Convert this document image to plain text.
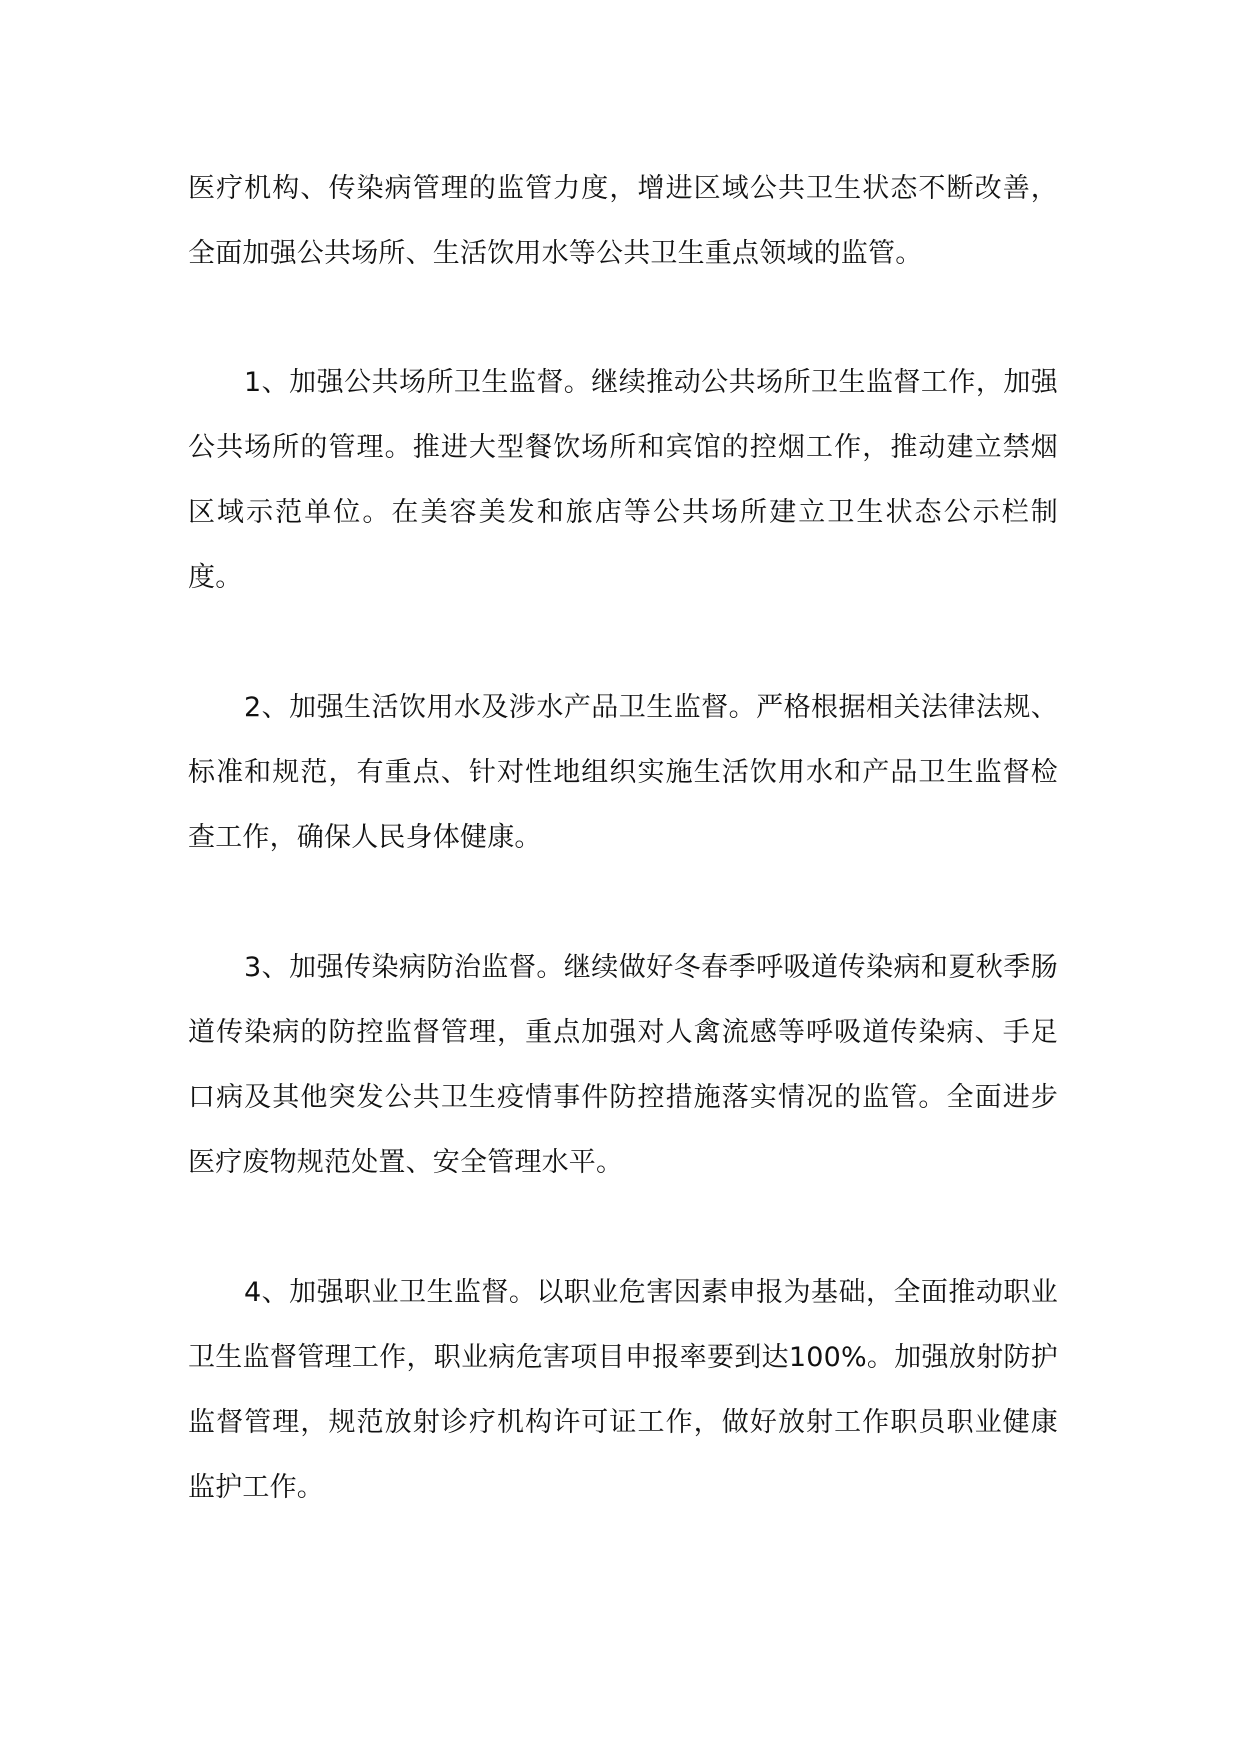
医疗机构、传染病管理的监管力度，增进区域公共卫生状态不断改善，全面加强公共场所、生活饮用水等公共卫生重点领域的监管。

1、加强公共场所卫生监督。继续推动公共场所卫生监督工作，加强公共场所的管理。推进大型餐饮场所和宾馆的控烟工作，推动建立禁烟区域示范单位。在美容美发和旅店等公共场所建立卫生状态公示栏制度。

2、加强生活饮用水及涉水产品卫生监督。严格根据相关法律法规、标准和规范，有重点、针对性地组织实施生活饮用水和产品卫生监督检查工作，确保人民身体健康。

3、加强传染病防治监督。继续做好冬春季呼吸道传染病和夏秋季肠道传染病的防控监督管理，重点加强对人禽流感等呼吸道传染病、手足口病及其他突发公共卫生疫情事件防控措施落实情况的监管。全面进步医疗废物规范处置、安全管理水平。

4、加强职业卫生监督。以职业危害因素申报为基础，全面推动职业卫生监督管理工作，职业病危害项目申报率要到达100%。加强放射防护监督管理，规范放射诊疗机构许可证工作，做好放射工作职员职业健康监护工作。
